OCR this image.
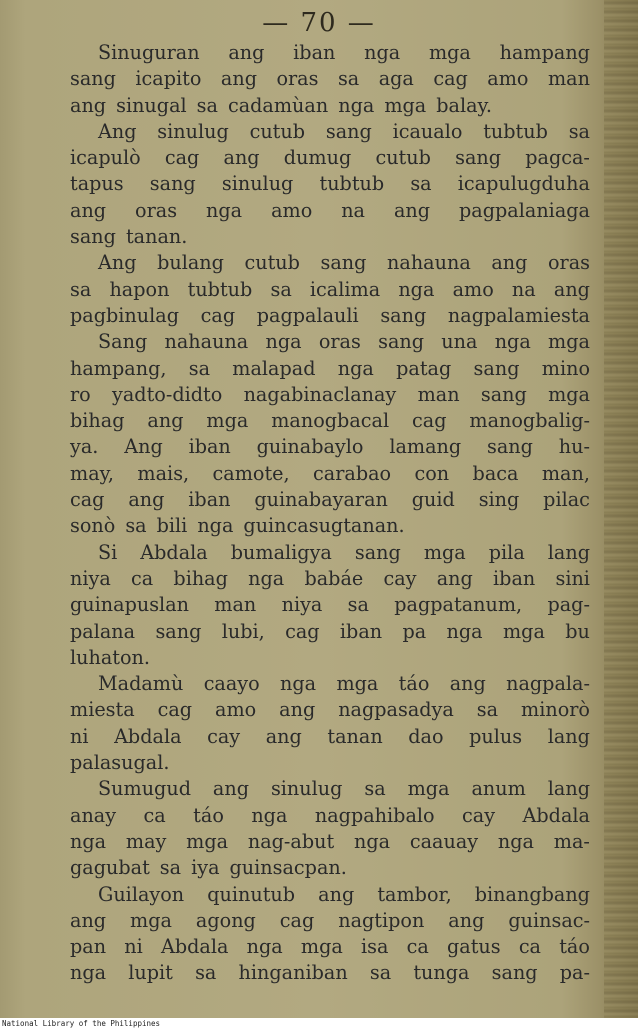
— 70 —
Sinuguran ang iban nga mga hampang
sang icapito ang oras sa aga cag amo man
ang sinugal sa cadamùan nga mga balay.
Ang sinulug cutub sang icaualo tubtub sa
icapulò cag ang dumug cutub sang pagca-
tapus sang sinulug tubtub sa icapulugduha
ang oras nga amo na ang pagpalaniaga
sang tanan.
Ang bulang cutub sang nahauna ang oras
sa hapon tubtub sa icalima nga amo na ang
pagbinulag cag pagpalauli sang nagpalamiesta
Sang nahauna nga oras sang una nga mga
hampang, sa malapad nga patag sang mino
ro yadto-didto nagabinaclanay man sang mga
bihag ang mga manogbacal cag manogbalig-
ya. Ang iban guinabaylo lamang sang hu-
may, mais, camote, carabao con baca man,
cag ang iban guinabayaran guid sing pilac
sonò sa bili nga guincasugtanan.
Si Abdala bumaligya sang mga pila lang
niya ca bihag nga babáe cay ang iban sini
guinapuslan man niya sa pagpatanum, pag-
palana sang lubi, cag iban pa nga mga bu
luhaton.
Madamù caayo nga mga táo ang nagpala-
miesta cag amo ang nagpasadya sa minorò
ni Abdala cay ang tanan dao pulus lang
palasugal.
Sumugud ang sinulug sa mga anum lang
anay ca táo nga nagpahibalo cay Abdala
nga may mga nag-abut nga caauay nga ma-
gagubat sa iya guinsacpan.
Guilayon quinutub ang tambor, binangbang
ang mga agong cag nagtipon ang guinsac-
pan ni Abdala nga mga isa ca gatus ca táo
nga lupit sa hinganiban sa tunga sang pa-
National Library of the Philippines
